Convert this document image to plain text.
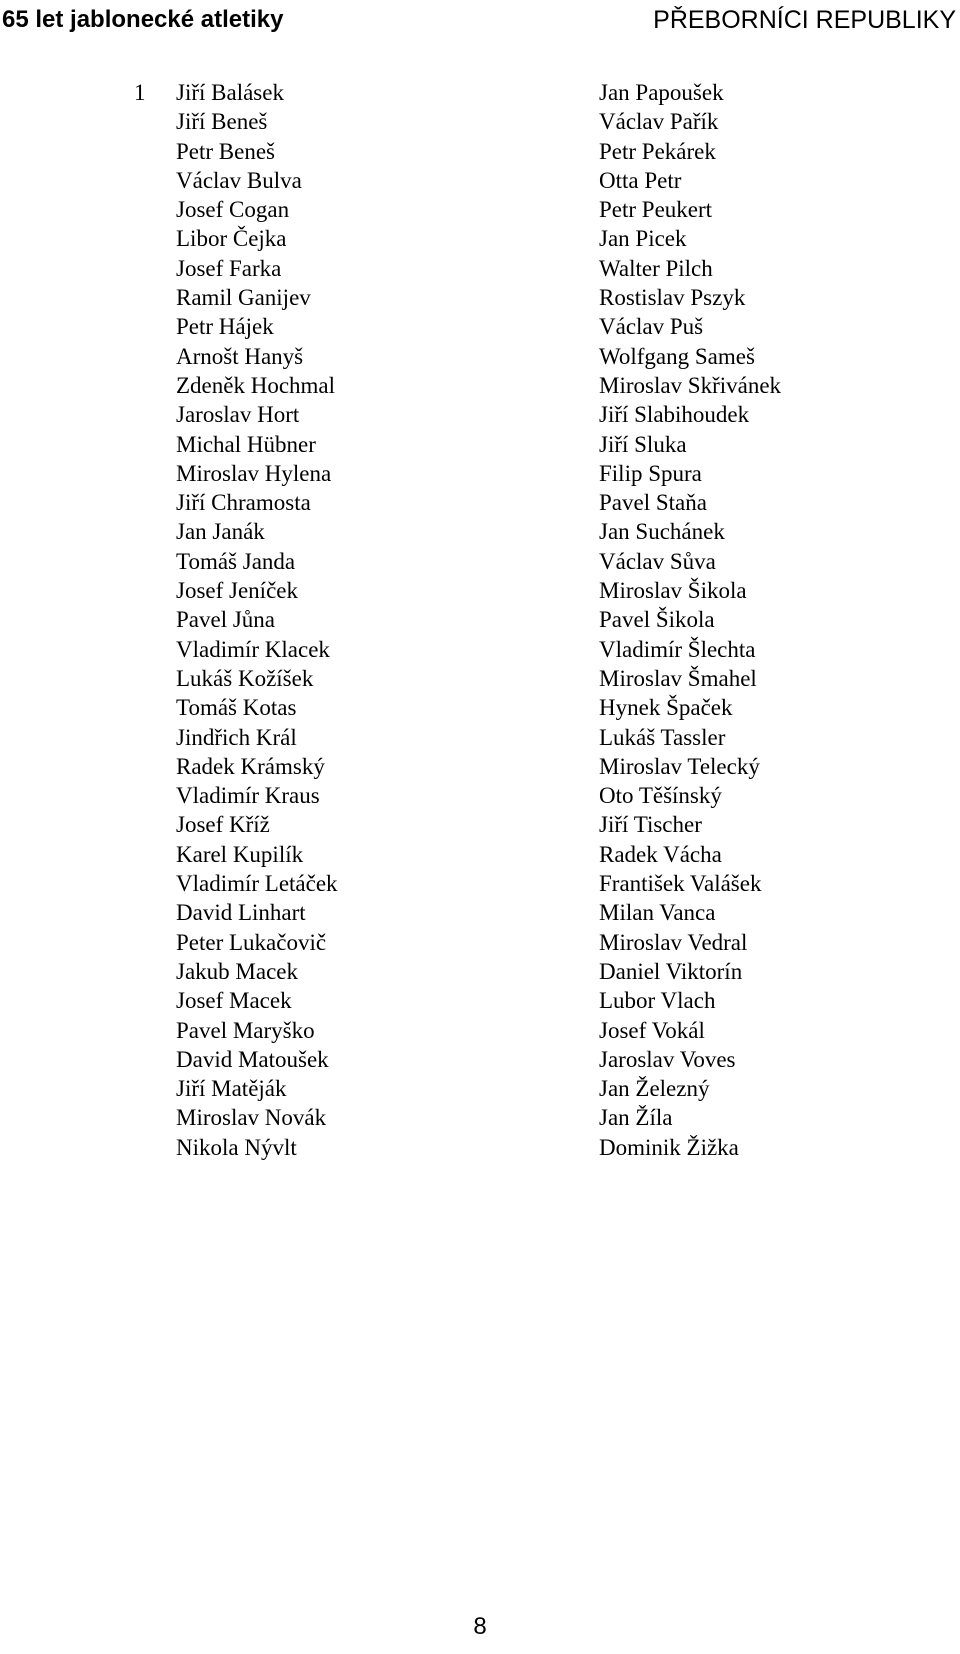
65 let jablonecké atletiky	PŘEBORNÍCI REPUBLIKY
1 Jiří Balásek
Jiří Beneš
Petr Beneš
Václav Bulva
Josef Cogan
Libor Čejka
Josef Farka
Ramil Ganijev
Petr Hájek
Arnošt Hanyš
Zdeněk Hochmal
Jaroslav Hort
Michal Hübner
Miroslav Hylena
Jiří Chramosta
Jan Janák
Tomáš Janda
Josef Jeníček
Pavel Jůna
Vladimír Klacek
Lukáš Kožíšek
Tomáš Kotas
Jindřich Král
Radek Krámský
Vladimír Kraus
Josef Kříž
Karel Kupilík
Vladimír Letáček
David Linhart
Peter Lukačovič
Jakub Macek
Josef Macek
Pavel Maryško
David Matoušek
Jiří Matěják
Miroslav Novák
Nikola Nývlt
Jan Papoušek
Václav Pařík
Petr Pekárek
Otta Petr
Petr Peukert
Jan Picek
Walter Pilch
Rostislav Pszyk
Václav Puš
Wolfgang Sameš
Miroslav Skřivánek
Jiří Slabihoudek
Jiří Sluka
Filip Spura
Pavel Staňa
Jan Suchánek
Václav Sůva
Miroslav Šikola
Pavel Šikola
Vladimír Šlechta
Miroslav Šmahel
Hynek Špaček
Lukáš Tassler
Miroslav Telecký
Oto Těšínský
Jiří Tischer
Radek Vácha
František Valášek
Milan Vanca
Miroslav Vedral
Daniel Viktorín
Lubor Vlach
Josef Vokál
Jaroslav Voves
Jan Železný
Jan Žíla
Dominik Žižka
8
